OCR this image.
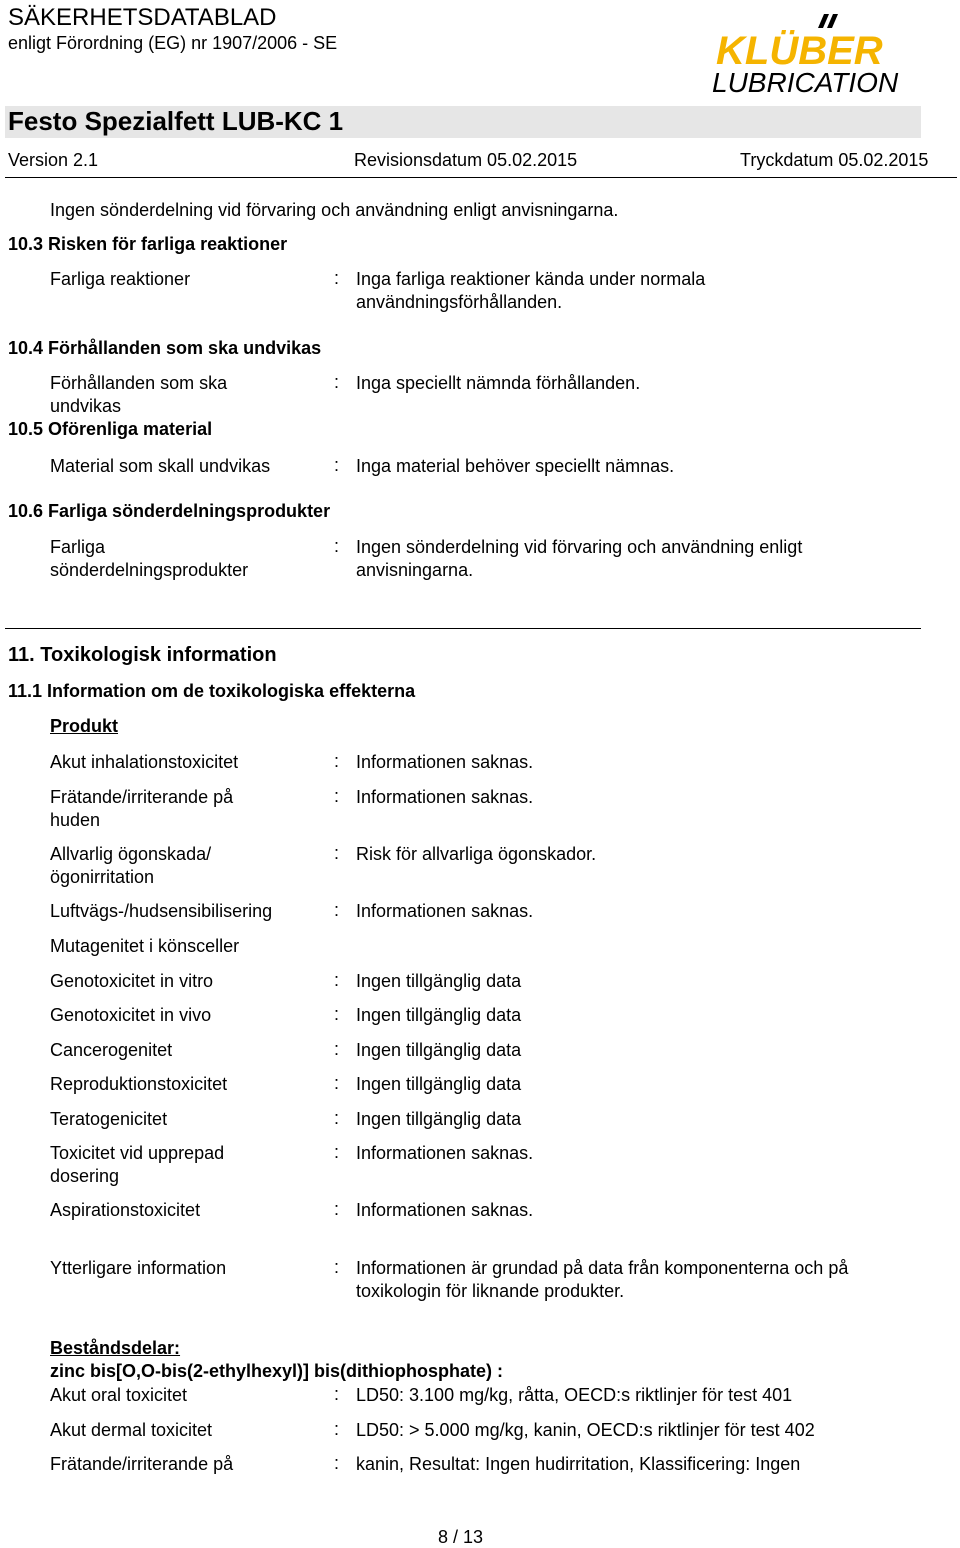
SÄKERHETSDATABLAD
enligt Förordning (EG) nr 1907/2006 - SE	KLÜBER
LUBRICATION
Festo Spezialfett LUB-KC 1
Version 2.1	Revisionsdatum 05.02.2015	Tryckdatum 05.02.2015
Ingen sönderdelning vid förvaring och användning enligt anvisningarna.
10.3 Risken för farliga reaktioner
Farliga reaktioner	: Inga farliga reaktioner kända under normala användningsförhållanden.
10.4 Förhållanden som ska undvikas
Förhållanden som ska undvikas
: Inga speciellt nämnda förhållanden.
10.5 Oförenliga material
Material som skall undvikas	: Inga material behöver speciellt nämnas.
10.6 Farliga sönderdelningsprodukter
Farliga sönderdelningsprodukter
: Ingen sönderdelning vid förvaring och användning enligt anvisningarna.
11. Toxikologisk information
11.1 Information om de toxikologiska effekterna
Produkt
Akut inhalationstoxicitet	: Informationen saknas.
Frätande/irriterande på huden
: Informationen saknas.
Allvarlig ögonskada/ögonirritation
: Risk för allvarliga ögonskador.
Luftvägs-/hudsensibilisering	: Informationen saknas.
Mutagenitet i könsceller
Genotoxicitet in vitro	: Ingen tillgänglig data
Genotoxicitet in vivo	: Ingen tillgänglig data
Cancerogenitet	: Ingen tillgänglig data
Reproduktionstoxicitet	: Ingen tillgänglig data
Teratogenicitet	: Ingen tillgänglig data
Toxicitet vid upprepad dosering
: Informationen saknas.
Aspirationstoxicitet	: Informationen saknas.
Ytterligare information	: Informationen är grundad på data från komponenterna och på toxikologin för liknande produkter.
Beståndsdelar:
zinc bis[O,O-bis(2-ethylhexyl)] bis(dithiophosphate) :
Akut oral toxicitet	: LD50: 3.100 mg/kg, råtta, OECD:s riktlinjer för test 401
Akut dermal toxicitet	: LD50: > 5.000 mg/kg, kanin, OECD:s riktlinjer för test 402
Frätande/irriterande på	: kanin, Resultat: Ingen hudirritation, Klassificering: Ingen
8 / 13
